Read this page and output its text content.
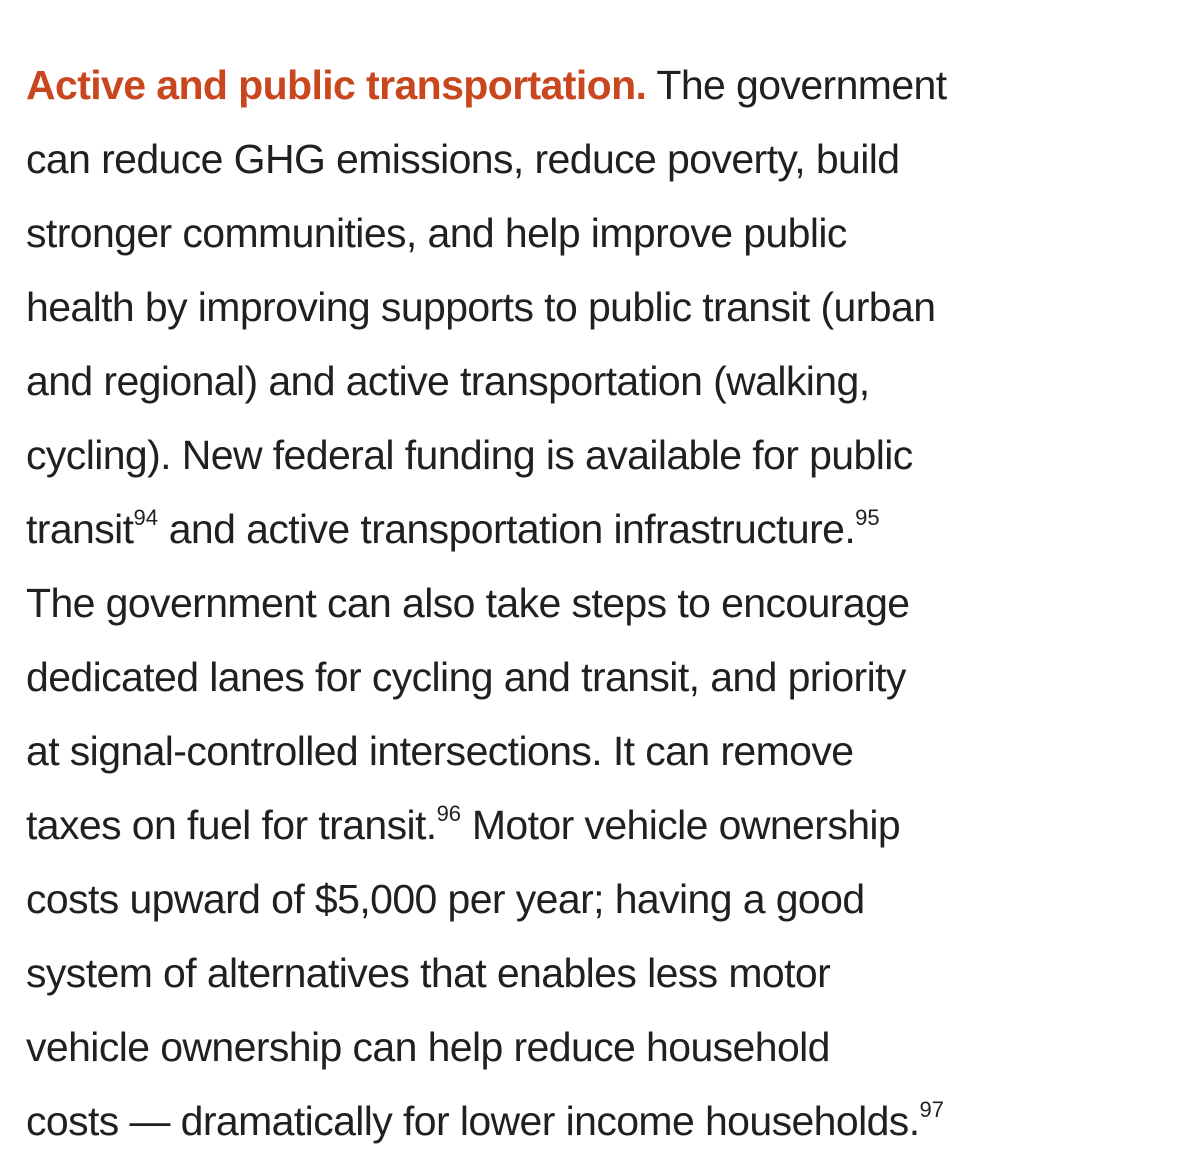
Active and public transportation. The government
can reduce GHG emissions, reduce poverty, build
stronger communities, and help improve public
health by improving supports to public transit (urban
and regional) and active transportation (walking,
cycling). New federal funding is available for public
transit$^{94}$ and active transportation infrastructure.$^{95}$
The government can also take steps to encourage
dedicated lanes for cycling and transit, and priority
at signal-controlled intersections. It can remove
taxes on fuel for transit.$^{96}$ Motor vehicle ownership
costs upward of $5,000 per year; having a good
system of alternatives that enables less motor
vehicle ownership can help reduce household
costs — dramatically for lower income households.$^{97}$
